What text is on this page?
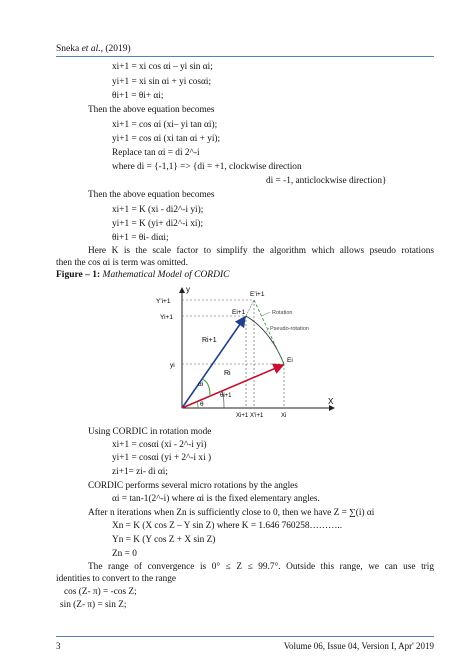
Sneka et al., (2019)
xi+1 = xi cos αi – yi sin αi;
yi+1 = xi sin αi + yi cosαi;
θi+1 = θi+ αi;
Then the above equation becomes
xi+1 = cos αi (xi– yi tan αi);
yi+1 = cos αi (xi tan αi + yi);
Replace tan αi = di 2^-i
where di = {-1,1} => {di = +1, clockwise direction
di = -1, anticlockwise direction}
Then the above equation becomes
xi+1 = K (xi - di2^-i yi);
yi+1 = K (yi+ di2^-i xi);
θi+1 = θi- diαi;
Here K is the scale factor to simplify the algorithm which allows pseudo rotations
then the cos αi is term was omitted.
Figure – 1: Mathematical Model of CORDIC
y
X
Y'i+1
Yi+1
yi
E'i+1
Ei+1
Ei
Ri+1
Ri
αi
θ
θi+1
Xi+1 X'i+1	Xi
Rotation
Pseudo-rotation
Using CORDIC in rotation mode
xi+1 = cosαi (xi - 2^-i yi)
yi+1 = cosαi (yi + 2^-i xi )
zi+1= zi- di αi;
CORDIC performs several micro rotations by the angles
αi = tan-1(2^-i) where αi is the fixed elementary angles.
After n iterations when Zn is sufficiently close to 0, then we have Z = ∑(i) αi
Xn = K (X cos Z – Y sin Z) where K = 1.646 760258………..
Yn = K (Y cos Z + X sin Z)
Zn = 0
The range of convergence is 0° ≤ Z ≤ 99.7°. Outside this range, we can use trig
identities to convert to the range
cos (Z- π) = -cos Z;
sin (Z- π) = sin Z;
3	Volume 06, Issue 04, Version I, Apr' 2019
